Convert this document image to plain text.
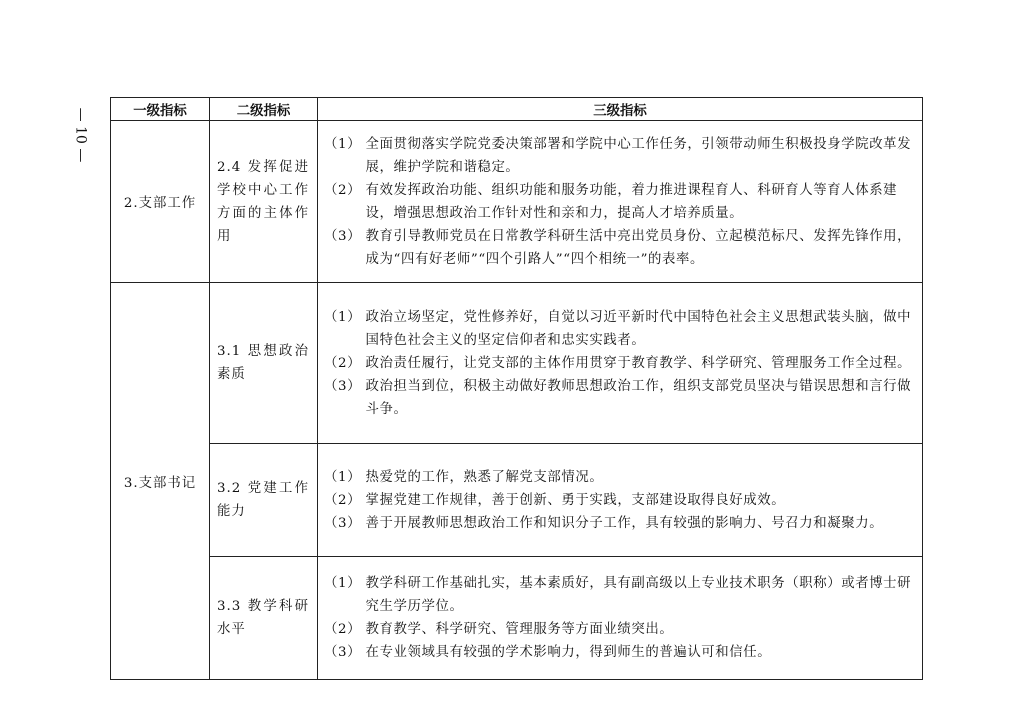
— 10 —	一级指标	二级指标	三级指标
2.支部工作	2.4 发挥促进学校中心工作方面的主体作用	（1） 全面贯彻落实学院党委决策部署和学院中心工作任务，引领带动师生积极投身学院改革发展，维护学院和谐稳定。
（2） 有效发挥政治功能、组织功能和服务功能，着力推进课程育人、科研育人等育人体系建设，增强思想政治工作针对性和亲和力，提高人才培养质量。
（3） 教育引导教师党员在日常教学科研生活中亮出党员身份、立起模范标尺、发挥先锋作用，成为“四有好老师”“四个引路人”“四个相统一”的表率。

3.支部书记	3.1 思想政治素质	（1） 政治立场坚定，党性修养好，自觉以习近平新时代中国特色社会主义思想武装头脑，做中国特色社会主义的坚定信仰者和忠实实践者。
（2） 政治责任履行，让党支部的主体作用贯穿于教育教学、科学研究、管理服务工作全过程。
（3） 政治担当到位，积极主动做好教师思想政治工作，组织支部党员坚决与错误思想和言行做斗争。

	3.2 党建工作能力	（1） 热爱党的工作，熟悉了解党支部情况。
（2） 掌握党建工作规律，善于创新、勇于实践，支部建设取得良好成效。
（3） 善于开展教师思想政治工作和知识分子工作，具有较强的影响力、号召力和凝聚力。

	3.3 教学科研水平	（1） 教学科研工作基础扎实，基本素质好，具有副高级以上专业技术职务（职称）或者博士研究生学历学位。
（2） 教育教学、科学研究、管理服务等方面业绩突出。
（3） 在专业领域具有较强的学术影响力，得到师生的普遍认可和信任。
